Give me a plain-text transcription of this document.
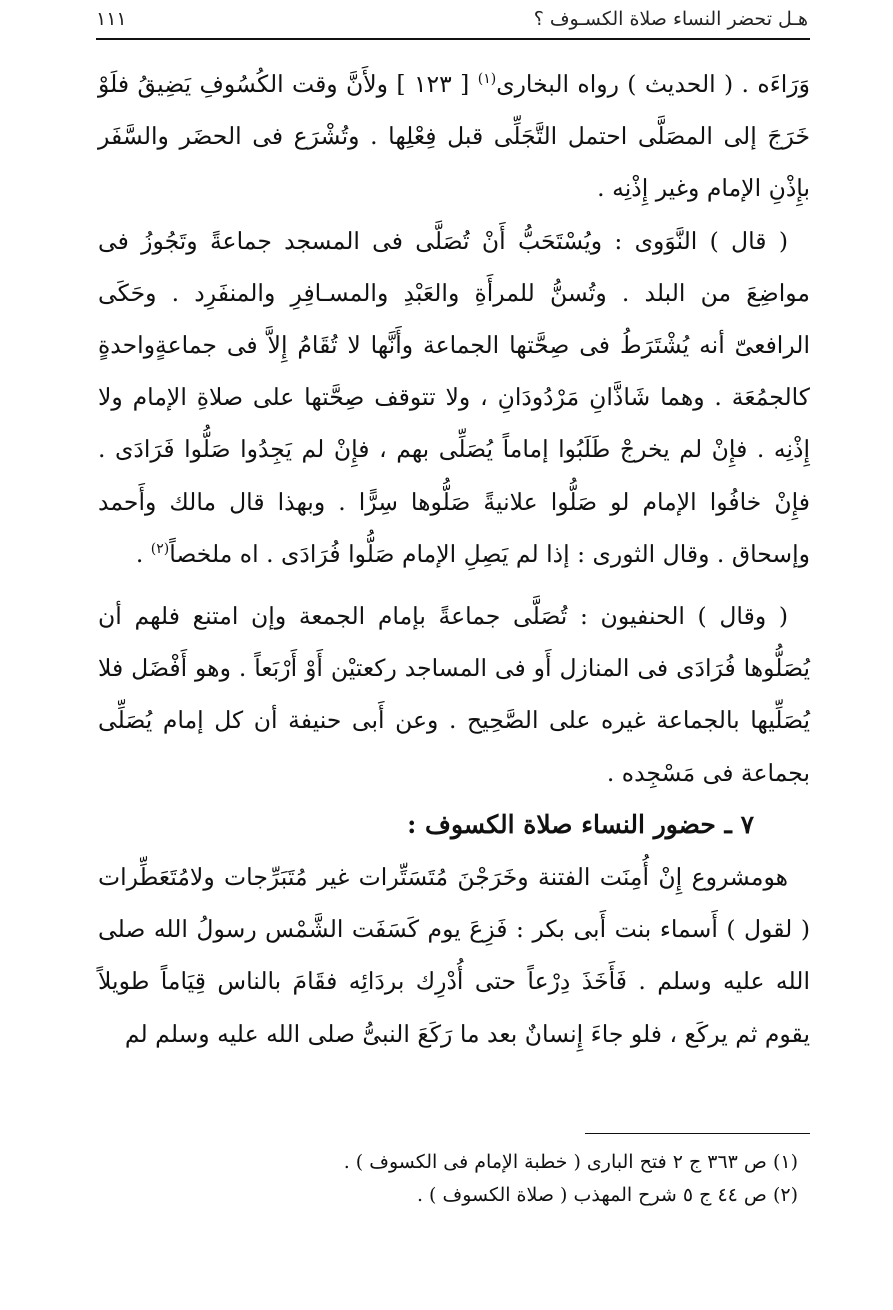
هـل تحضر النساء صلاة الكسـوف ؟
١١١

وَرَاءَه . ( الحديث ) رواه البخارى$^{(١)}$ [ ١٢٣ ] ولأَنَّ وقت الكُسُوفِ يَضِيقُ فلَوْ خَرَجَ إلى المصَلَّى احتمل التَّجَلِّى قبل فِعْلِها . وتُشْرَع فى الحضَر والسَّفَر بإِذْنِ الإمام وغير إِذْنِه .

( قال ) النَّوَوى : ويُسْتَحَبُّ أَنْ تُصَلَّى فى المسجد جماعةً وتَجُوزُ فى مواضِعَ من البلد . وتُسنُّ للمرأَةِ والعَبْدِ والمسـافِرِ والمنفَرِد . وحَكَى الرافعىّ أنه يُشْتَرَطُ فى صِحَّتها الجماعة وأَنَّها لا تُقَامُ إِلاَّ فى جماعةٍواحدةٍ كالجمُعَة . وهما شَاذَّانِ مَرْدُودَانِ ، ولا تتوقف صِحَّتها على صلاةِ الإمام ولا إِذْنِه . فإِنْ لم يخرجْ طَلَبُوا إماماً يُصَلِّى بهم ، فإِنْ لم يَجِدُوا صَلُّوا فَرَادَى . فإِنْ خافُوا الإمام لو صَلُّوا علانيةً صَلُّوها سِرًّا . وبهذا قال مالك وأَحمد وإسحاق . وقال الثورى : إذا لم يَصِلِ الإمام صَلُّوا فُرَادَى . اه ملخصاً$^{(٢)}$ .

( وقال ) الحنفيون : تُصَلَّى جماعةً بإمام الجمعة وإن امتنع فلهم أن يُصَلُّوها فُرَادَى فى المنازل أَو فى المساجد ركعتيْن أَوْ أَرْبَعاً . وهو أَفْضَل فلا يُصَلِّيها بالجماعة غيره على الصَّحِيح . وعن أَبى حنيفة أن كل إمام يُصَلِّى بجماعة فى مَسْجِده .

٧ ـ حضور النساء صلاة الكسوف :

هومشروع إِنْ أُمِنَت الفتنة وخَرَجْنَ مُتَسَتِّرات غير مُتَبَرِّجات ولامُتَعَطِّرات ( لقول ) أَسماء بنت أَبى بكر : فَزِعَ يوم كَسَفَت الشَّمْس رسولُ الله صلى الله عليه وسلم . فَأَخَذَ دِرْعاً حتى أُدْرِك بردَائِه فقَامَ بالناس قِيَاماً طويلاً يقوم ثم يركَع ، فلو جاءَ إِنسانٌ بعد ما رَكَعَ النبىُّ صلى الله عليه وسلم لم

(١) ص ٣٦٣ ج ٢ فتح البارى ( خطبة الإمام فى الكسوف ) .

(٢) ص ٤٤ ج ٥ شرح المهذب ( صلاة الكسوف ) .
